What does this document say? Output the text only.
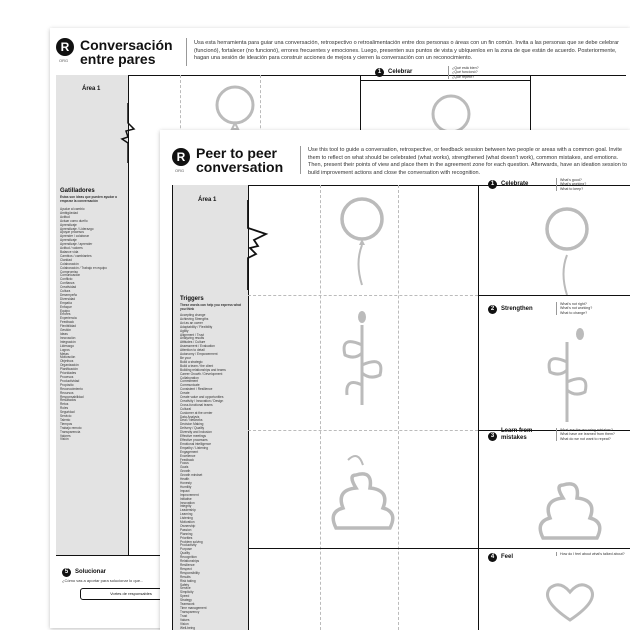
R
ORG
Conversación
entre pares
Usa esta herramienta para guiar una conversación, retrospectivo o retroalimentación entre dos personas o áreas con un fin común. Invita a las personas que se debe celebrar (funcionó), fortalecer (no funcionó), errores frecuentes y emociones. Luego, presenten sus puntos de vista y ubíquenlos en la zona de que están de acuerdo. Posteriormente, hagan una sesión de ideación para construir acciones de mejora y cierren la conversación con un reconocimiento.
Área 1
Gatilladores
Estas son ideas que pueden ayudar a empezar la conversación
Ayudar al cambio
Ambigüedad
Actitud
Actuar como dueño
Aprendizaje
Aprendizaje / Liderazgo
Apoyar procesos
Aprender / colaborar
Aprendizaje
Aprendizaje / aprender
Actitud / valores
Balance vida
Cambios / cambiantes
Claridad
Colaboración
Colaboración / Trabajo en equipo
Compromiso
Comunicación
Conflicto
Confianza
Creatividad
Cultura
Desempeño
Diversidad
Empatía
Enfoque
Equipo
Errores
Experiencia
Feedback
Flexibilidad
Gestión
Ideas
Innovación
Integración
Liderazgo
Logros
Metas
Motivación
Objetivos
Organización
Planificación
Prioridades
Procesos
Productividad
Propósito
Reconocimiento
Recursos
Responsabilidad
Resultados
Retos
Roles
Seguridad
Servicio
Talento
Tiempos
Trabajo remoto
Transparencia
Valores
Visión
1	Celebrar
¿Qué está bien?
¿Qué funcionó?
¿Qué repetir?
5	Solucionar
¿Cómo vas a aportar para solucionar lo que...
Vortes de responsables
R
ORG
Peer to peer
conversation
Use this tool to guide a conversation, retrospective, or feedback session between two people or areas with a common goal. Invite them to reflect on what should be celebrated (what works), strengthened (what doesn't work), common mistakes, and emotions. Then, present their points of view and place them in the agreement zone for each question. Afterwards, have an ideation session to build improvement actions and close the conversation with recognition.
Área 1
Triggers
These words can help you express what you think
Accepting change
Achieving Strengths
Act as an owner
Adaptability / Flexibility
Agility
Alignment / Trust
Analyzing results
Attitudes / Culture
Assessment / Evaluation
Attention to detail
Autonomy / Empowerment
Be your
Build a strategic
Build a team / the client
Building relationships and teams
Career Growth / Development
Collaboration
Commitment
Communicate
Consistent / Resilience
Create
Create value and opportunities
Creativity / Innovation / Design
Cross-functional teams
Cultural
Customer at the center
Data Analysis
Deal / Networks
Decision Making
Delivery / Quality
Diversity and Inclusion
Effective meetings
Effective processes
Emotional intelligence
Empathy / Listening
Engagement
Excellence
Feedback
Focus
Goals
Growth
Growth mindset
Health
Honesty
Humility
Impact
Improvement
Initiative
Innovation
Integrity
Leadership
Learning
Listening
Motivation
Ownership
Passion
Planning
Priorities
Problem solving
Productivity
Purpose
Quality
Recognition
Relationships
Resilience
Respect
Responsibility
Results
Risk taking
Safety
Service
Simplicity
Speed
Strategy
Teamwork
Time management
Transparency
Trust
Values
Vision
Well-being
1	Celebrate
What's good?
What's working?
What to keep?
2	Strengthen
What's not right?
What's not working?
What to change?
3
Learn from mistakes
What are the recurring mistakes?
What have we learned from them?
What do we not want to repeat?
4	Feel	How do I feel about what's talked about?
